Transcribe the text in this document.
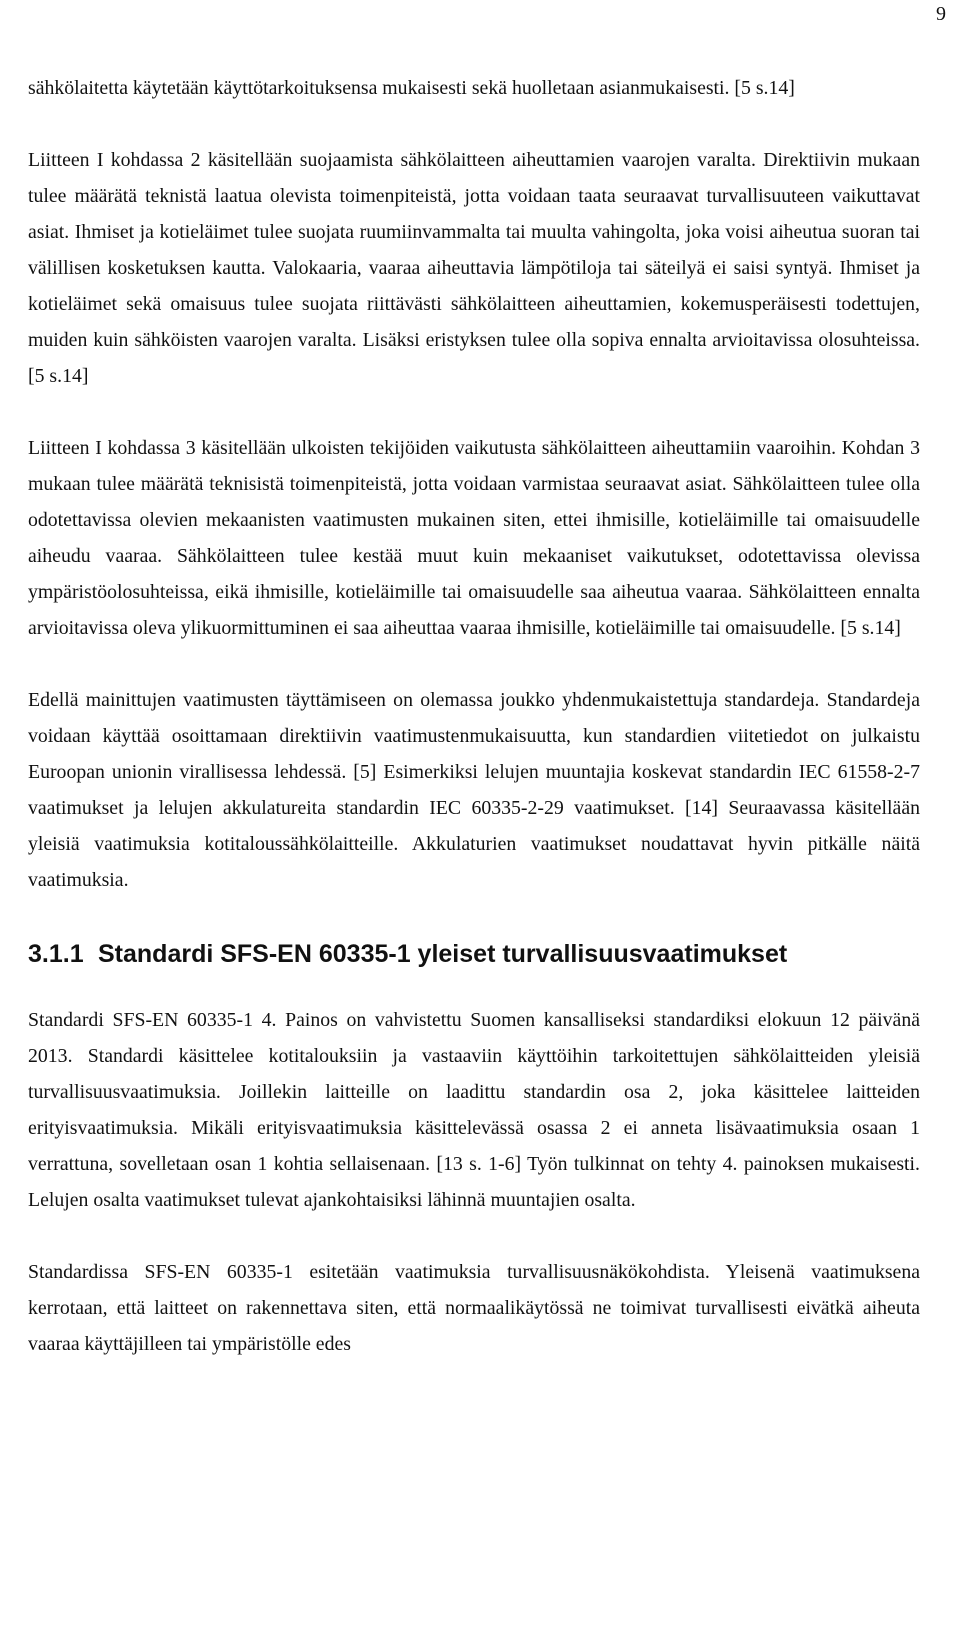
9

sähkölaitetta käytetään käyttötarkoituksensa mukaisesti sekä huolletaan asianmukaisesti. [5 s.14]

Liitteen I kohdassa 2 käsitellään suojaamista sähkölaitteen aiheuttamien vaarojen varalta. Direktiivin mukaan tulee määrätä teknistä laatua olevista toimenpiteistä, jotta voidaan taata seuraavat turvallisuuteen vaikuttavat asiat. Ihmiset ja kotieläimet tulee suojata ruumiinvammalta tai muulta vahingolta, joka voisi aiheutua suoran tai välillisen kosketuksen kautta. Valokaaria, vaaraa aiheuttavia lämpötiloja tai säteilyä ei saisi syntyä. Ihmiset ja kotieläimet sekä omaisuus tulee suojata riittävästi sähkölaitteen aiheuttamien, kokemusperäisesti todettujen, muiden kuin sähköisten vaarojen varalta. Lisäksi eristyksen tulee olla sopiva ennalta arvioitavissa olosuhteissa. [5 s.14]

Liitteen I kohdassa 3 käsitellään ulkoisten tekijöiden vaikutusta sähkölaitteen aiheuttamiin vaaroihin. Kohdan 3 mukaan tulee määrätä teknisistä toimenpiteistä, jotta voidaan varmistaa seuraavat asiat. Sähkölaitteen tulee olla odotettavissa olevien mekaanisten vaatimusten mukainen siten, ettei ihmisille, kotieläimille tai omaisuudelle aiheudu vaaraa. Sähkölaitteen tulee kestää muut kuin mekaaniset vaikutukset, odotettavissa olevissa ympäristöolosuhteissa, eikä ihmisille, kotieläimille tai omaisuudelle saa aiheutua vaaraa. Sähkölaitteen ennalta arvioitavissa oleva ylikuormittuminen ei saa aiheuttaa vaaraa ihmisille, kotieläimille tai omaisuudelle. [5 s.14]

Edellä mainittujen vaatimusten täyttämiseen on olemassa joukko yhdenmukaistettuja standardeja. Standardeja voidaan käyttää osoittamaan direktiivin vaatimustenmukaisuutta, kun standardien viitetiedot on julkaistu Euroopan unionin virallisessa lehdessä. [5] Esimerkiksi lelujen muuntajia koskevat standardin IEC 61558-2-7 vaatimukset ja lelujen akkulatureita standardin IEC 60335-2-29 vaatimukset. [14] Seuraavassa käsitellään yleisiä vaatimuksia kotitaloussähkölaitteille. Akkulaturien vaatimukset noudattavat hyvin pitkälle näitä vaatimuksia.

3.1.1 Standardi SFS-EN 60335-1 yleiset turvallisuusvaatimukset

Standardi SFS-EN 60335-1 4. Painos on vahvistettu Suomen kansalliseksi standardiksi elokuun 12 päivänä 2013. Standardi käsittelee kotitalouksiin ja vastaaviin käyttöihin tarkoitettujen sähkölaitteiden yleisiä turvallisuusvaatimuksia. Joillekin laitteille on laadittu standardin osa 2, joka käsittelee laitteiden erityisvaatimuksia. Mikäli erityisvaatimuksia käsittelevässä osassa 2 ei anneta lisävaatimuksia osaan 1 verrattuna, sovelletaan osan 1 kohtia sellaisenaan. [13 s. 1-6] Työn tulkinnat on tehty 4. painoksen mukaisesti. Lelujen osalta vaatimukset tulevat ajankohtaisiksi lähinnä muuntajien osalta.

Standardissa SFS-EN 60335-1 esitetään vaatimuksia turvallisuusnäkökohdista. Yleisenä vaatimuksena kerrotaan, että laitteet on rakennettava siten, että normaalikäytössä ne toimivat turvallisesti eivätkä aiheuta vaaraa käyttäjilleen tai ympäristölle edes
